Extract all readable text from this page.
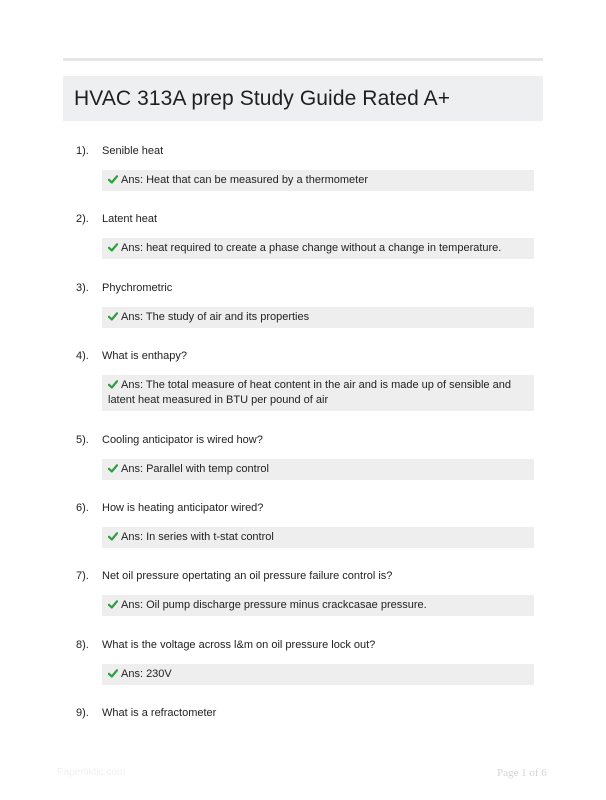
HVAC 313A prep Study Guide Rated A+
1). Senible heat
Ans: Heat that can be measured by a thermometer
2). Latent heat
Ans: heat required to create a phase change without a change in temperature.
3). Phychrometric
Ans: The study of air and its properties
4). What is enthapy?
Ans: The total measure of heat content in the air and is made up of sensible and latent heat measured in BTU per pound of air
5). Cooling anticipator is wired how?
Ans: Parallel with temp control
6). How is heating anticipator wired?
Ans: In series with t-stat control
7). Net oil pressure opertating an oil pressure failure control is?
Ans: Oil pump discharge pressure minus crackcasae pressure.
8). What is the voltage across l&m on oil pressure lock out?
Ans: 230V
9). What is a refractometer
Papertiktic.com	Page 1 of 6
